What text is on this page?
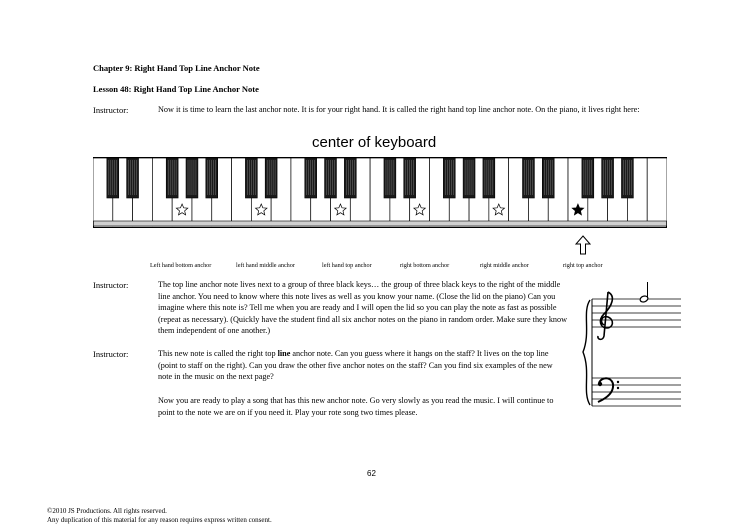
Chapter 9: Right Hand Top Line Anchor Note
Lesson 48: Right Hand Top Line Anchor Note
Instructor:	Now it is time to learn the last anchor note. It is for your right hand. It is called the right hand top line anchor note. On the piano, it lives right here:
center of keyboard
Left hand bottom anchor	left hand middle anchor	left hand top anchor	right bottom anchor	right middle anchor	right top anchor
Instructor:	The top line anchor note lives next to a group of three black keys… the group of three black keys to the right of the middle line anchor. You need to know where this note lives as well as you know your name. (Close the lid on the piano) Can you imagine where this note is? Tell me when you are ready and I will open the lid so you can play the note as fast as possible (repeat as necessary). (Quickly have the student find all six anchor notes on the piano in random order. Make sure they know them independent of one another.)
Instructor:	This new note is called the right top line anchor note. Can you guess where it hangs on the staff? It lives on the top line (point to staff on the right). Can you draw the other five anchor notes on the staff? Can you find six examples of the new note in the music on the next page?
Now you are ready to play a song that has this new anchor note. Go very slowly as you read the music. I will continue to point to the note we are on if you need it. Play your rote song two times please.
62
©2010 JS Productions. All rights reserved.
Any duplication of this material for any reason requires express written consent.
